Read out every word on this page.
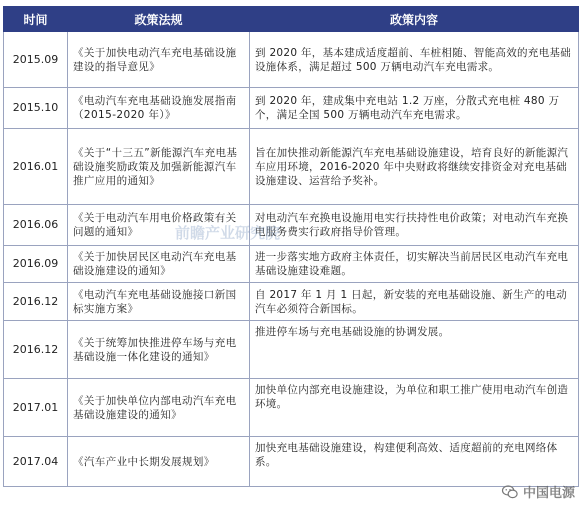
时间	政策法规	政策内容
2015.09	《关于加快电动汽车充电基础设施建设的指导意见》	到 2020 年，基本建成适度超前、车桩相随、智能高效的充电基础设施体系，满足超过 500 万辆电动汽车充电需求。
2015.10	《电动汽车充电基础设施发展指南（2015-2020 年）》	到 2020 年，建成集中充电站 1.2 万座，分散式充电桩 480 万个，满足全国 500 万辆电动汽车充电需求。
2016.01	《关于“十三五”新能源汽车充电基础设施奖励政策及加强新能源汽车推广应用的通知》	旨在加快推动新能源汽车充电基础设施建设，培育良好的新能源汽车应用环境，2016-2020 年中央财政将继续安排资金对充电基础设施建设、运营给予奖补。
2016.06	《关于电动汽车用电价格政策有关问题的通知》	对电动汽车充换电设施用电实行扶持性电价政策；对电动汽车充换电服务费实行政府指导价管理。
2016.09	《关于加快居民区电动汽车充电基础设施建设的通知》	进一步落实地方政府主体责任，切实解决当前居民区电动汽车充电基础设施建设难题。
2016.12	《电动汽车充电基础设施接口新国标实施方案》	自 2017 年 1 月 1 日起，新安装的充电基础设施、新生产的电动汽车必须符合新国标。
2016.12	《关于统筹加快推进停车场与充电基础设施一体化建设的通知》	推进停车场与充电基础设施的协调发展。
2017.01	《关于加快单位内部电动汽车充电基础设施建设的通知》	加快单位内部充电设施建设，为单位和职工推广使用电动汽车创造环境。
2017.04	《汽车产业中长期发展规划》	加快充电基础设施建设，构建便利高效、适度超前的充电网络体系。
前瞻产业研究院
中国电源
